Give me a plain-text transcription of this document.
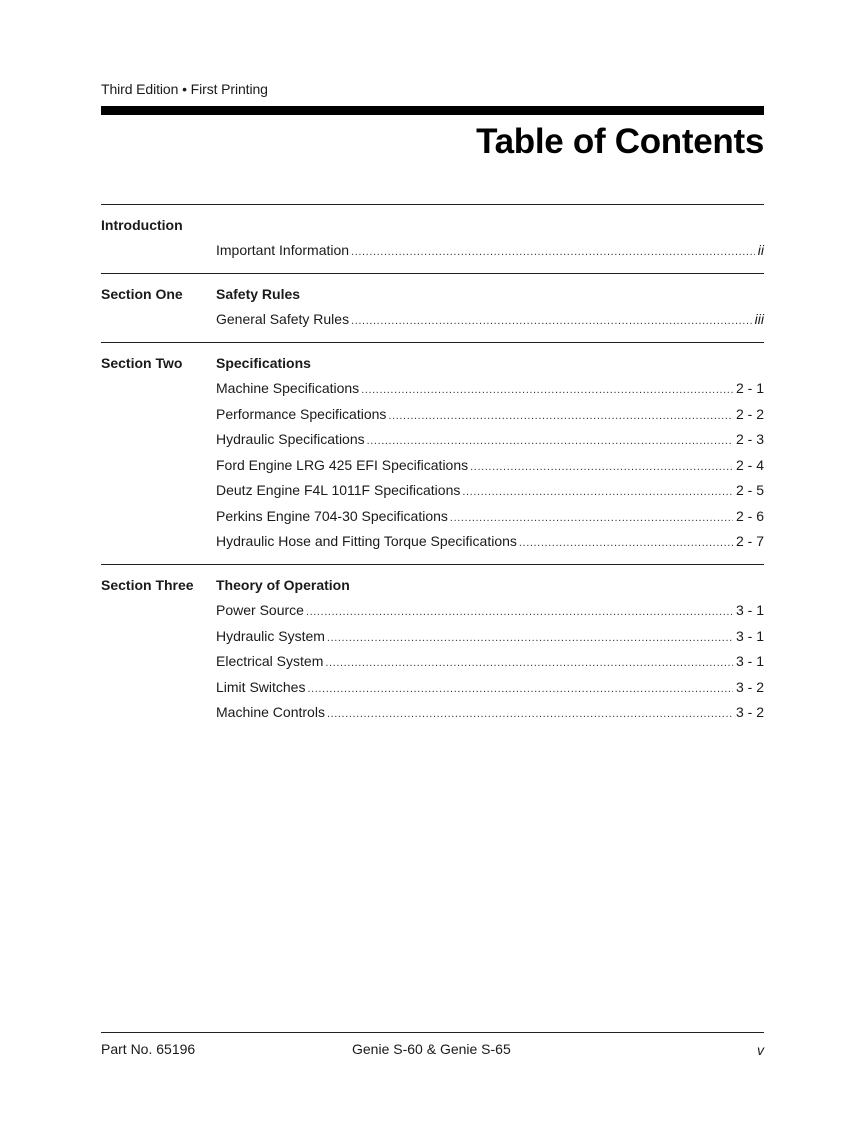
Third Edition • First Printing
Table of Contents
Introduction
Important Information .....	ii
Section One Safety Rules
General Safety Rules .....	iii
Section Two Specifications
Machine Specifications .....	2 - 1
Performance Specifications .....	2 - 2
Hydraulic Specifications .....	2 - 3
Ford Engine LRG 425 EFI Specifications .....	2 - 4
Deutz Engine F4L 1011F Specifications .....	2 - 5
Perkins Engine 704-30 Specifications .....	2 - 6
Hydraulic Hose and Fitting Torque Specifications .....	2 - 7
Section Three Theory of Operation
Power Source .....	3 - 1
Hydraulic System .....	3 - 1
Electrical System .....	3 - 1
Limit Switches .....	3 - 2
Machine Controls .....	3 - 2
Part No. 65196	Genie S-60 & Genie S-65	v
